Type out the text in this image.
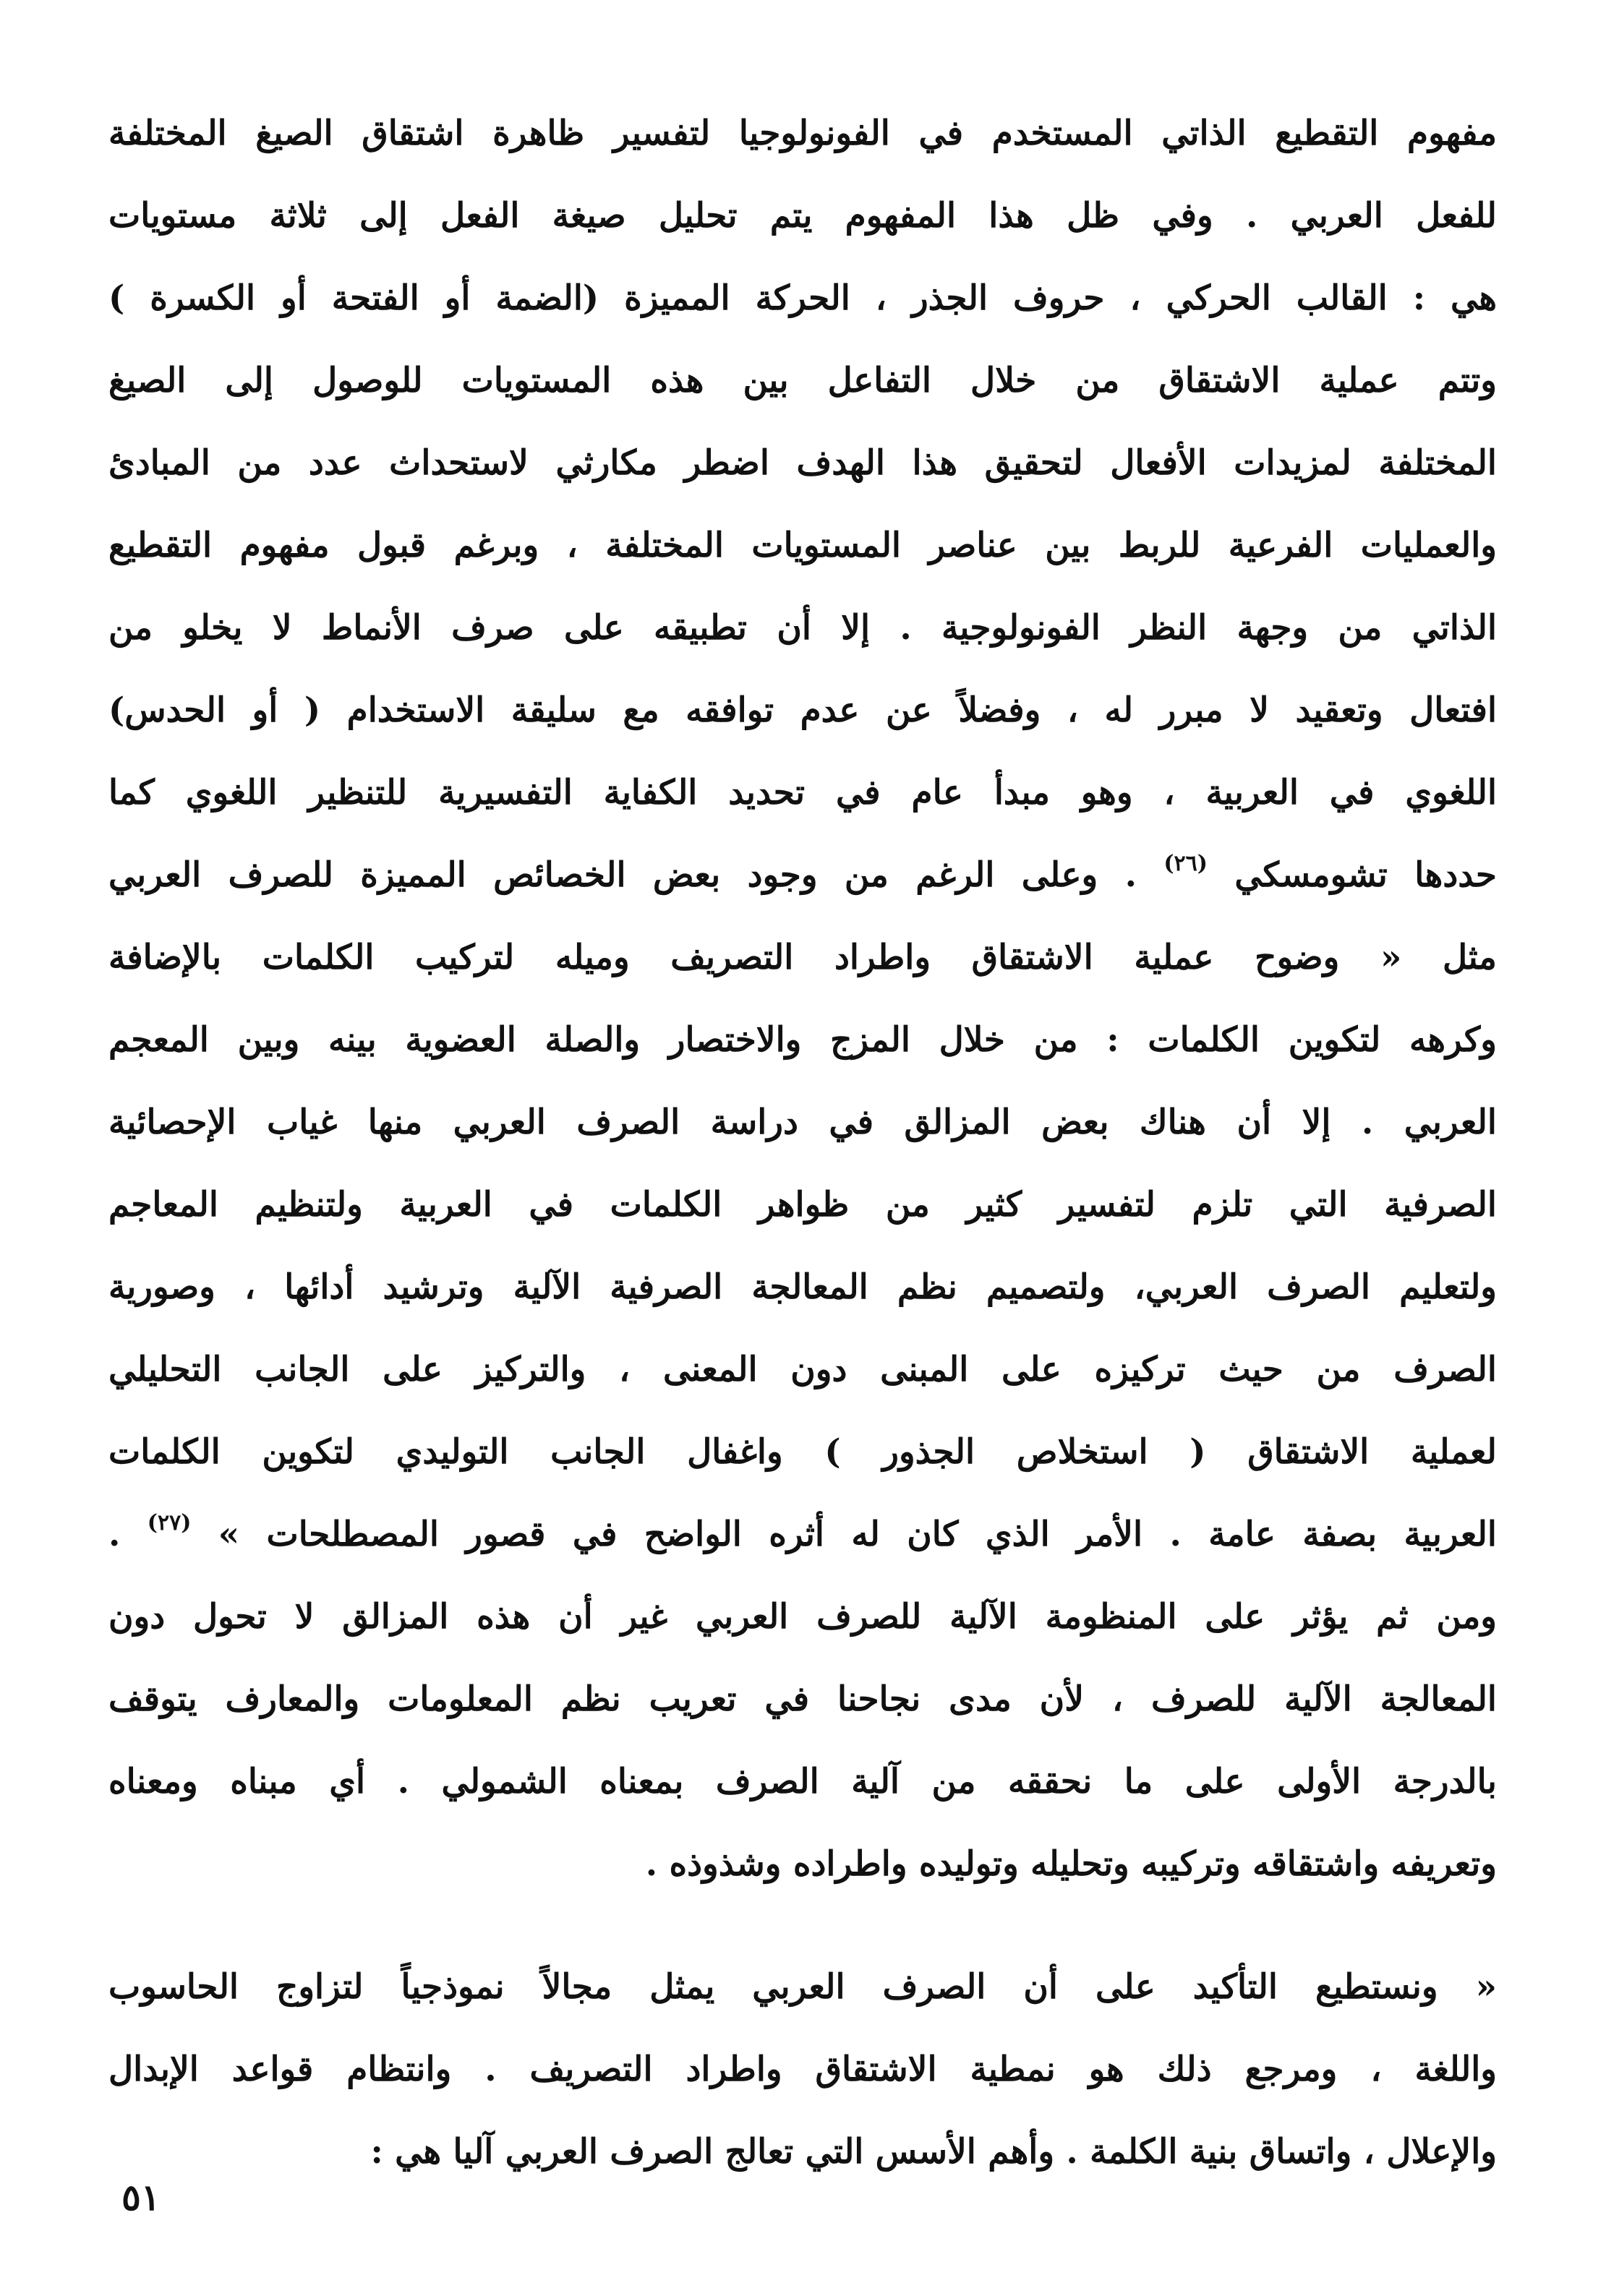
مفهوم التقطيع الذاتي المستخدم في الفونولوجيا لتفسير ظاهرة اشتقاق الصيغ المختلفة
للفعل العربي . وفي ظل هذا المفهوم يتم تحليل صيغة الفعل إلى ثلاثة مستويات
هي : القالب الحركي ، حروف الجذر ، الحركة المميزة (الضمة أو الفتحة أو الكسرة )
وتتم عملية الاشتقاق من خلال التفاعل بين هذه المستويات للوصول إلى الصيغ
المختلفة لمزيدات الأفعال لتحقيق هذا الهدف اضطر مكارثي لاستحداث عدد من المبادئ
والعمليات الفرعية للربط بين عناصر المستويات المختلفة ، وبرغم قبول مفهوم التقطيع
الذاتي من وجهة النظر الفونولوجية . إلا أن تطبيقه على صرف الأنماط لا يخلو من
افتعال وتعقيد لا مبرر له ، وفضلاً عن عدم توافقه مع سليقة الاستخدام ( أو الحدس)
اللغوي في العربية ، وهو مبدأ عام في تحديد الكفاية التفسيرية للتنظير اللغوي كما
حددها تشومسكي $^{(٢٦)}$ . وعلى الرغم من وجود بعض الخصائص المميزة للصرف العربي
مثل « وضوح عملية الاشتقاق واطراد التصريف وميله لتركيب الكلمات بالإضافة
وكرهه لتكوين الكلمات : من خلال المزج والاختصار والصلة العضوية بينه وبين المعجم
العربي . إلا أن هناك بعض المزالق في دراسة الصرف العربي منها غياب الإحصائية
الصرفية التي تلزم لتفسير كثير من ظواهر الكلمات في العربية ولتنظيم المعاجم
ولتعليم الصرف العربي، ولتصميم نظم المعالجة الصرفية الآلية وترشيد أدائها ، وصورية
الصرف من حيث تركيزه على المبنى دون المعنى ، والتركيز على الجانب التحليلي
لعملية الاشتقاق ( استخلاص الجذور ) واغفال الجانب التوليدي لتكوين الكلمات
العربية بصفة عامة . الأمر الذي كان له أثره الواضح في قصور المصطلحات » $^{(٢٧)}$ .
ومن ثم يؤثر على المنظومة الآلية للصرف العربي غير أن هذه المزالق لا تحول دون
المعالجة الآلية للصرف ، لأن مدى نجاحنا في تعريب نظم المعلومات والمعارف يتوقف
بالدرجة الأولى على ما نحققه من آلية الصرف بمعناه الشمولي . أي مبناه ومعناه
وتعريفه واشتقاقه وتركيبه وتحليله وتوليده واطراده وشذوذه .
« ونستطيع التأكيد على أن الصرف العربي يمثل مجالاً نموذجياً لتزاوج الحاسوب
واللغة ، ومرجع ذلك هو نمطية الاشتقاق واطراد التصريف . وانتظام قواعد الإبدال
والإعلال ، واتساق بنية الكلمة . وأهم الأسس التي تعالج الصرف العربي آليا هي :
٥١
